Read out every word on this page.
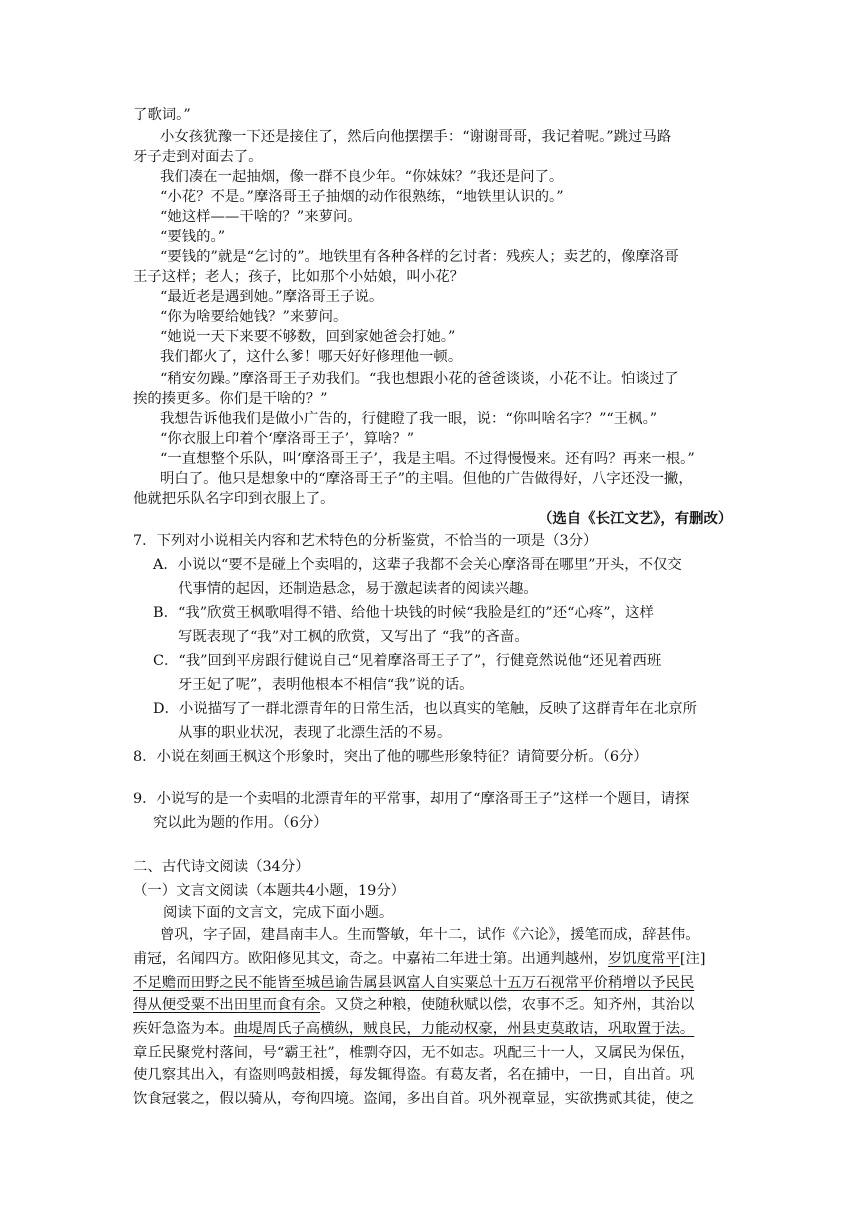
了歌词。”
小女孩犹豫一下还是接住了，然后向他摆摆手：“谢谢哥哥，我记着呢。”跳过马路
牙子走到对面去了。
我们凑在一起抽烟，像一群不良少年。“你妹妹？”我还是问了。
“小花？不是。”摩洛哥王子抽烟的动作很熟练，“地铁里认识的。”
“她这样——干啥的？”来萝问。
“要钱的。”
“要钱的”就是“乞讨的”。地铁里有各种各样的乞讨者：残疾人；卖艺的，像摩洛哥
王子这样；老人；孩子，比如那个小姑娘，叫小花？
“最近老是遇到她。”摩洛哥王子说。
“你为啥要给她钱？”来萝问。
“她说一天下来要不够数，回到家她爸会打她。”
我们都火了，这什么爹！哪天好好修理他一顿。
“稍安勿躁。”摩洛哥王子劝我们。“我也想跟小花的爸爸谈谈，小花不让。怕谈过了
挨的揍更多。你们是干啥的？”
我想告诉他我们是做小广告的，行健瞪了我一眼，说：“你叫啥名字？”“王枫。”
“你衣服上印着个‘摩洛哥王子’，算啥？”
“一直想整个乐队，叫‘摩洛哥王子’，我是主唱。不过得慢慢来。还有吗？再来一根。”
明白了。他只是想象中的“摩洛哥王子”的主唱。但他的广告做得好，八字还没一撇，
他就把乐队名字印到衣服上了。
（选自《长江文艺》，有删改）
7．下列对小说相关内容和艺术特色的分析鉴赏，不恰当的一项是（3分）
A．小说以“要不是碰上个卖唱的，这辈子我都不会关心摩洛哥在哪里”开头，不仅交
代事情的起因，还制造悬念，易于激起读者的阅读兴趣。
B．“我”欣赏王枫歌唱得不错、给他十块钱的时候“我脸是红的”还“心疼”，这样
写既表现了“我”对工枫的欣赏，又写出了 “我”的吝啬。
C．“我”回到平房跟行健说自己“见着摩洛哥王子了”，行健竟然说他“还见着西班
牙王妃了呢”，表明他根本不相信“我”说的话。
D．小说描写了一群北漂青年的日常生活，也以真实的笔触，反映了这群青年在北京所
从事的职业状况，表现了北漂生活的不易。
8．小说在刻画王枫这个形象时，突出了他的哪些形象特征？请简要分析。（6分）
9．小说写的是一个卖唱的北漂青年的平常事，却用了“摩洛哥王子”这样一个题目，请探
究以此为题的作用。（6分）
二、古代诗文阅读（34分）
（一）文言文阅读（本题共4小题，19分）
阅读下面的文言文，完成下面小题。
曾巩，字子固，建昌南丰人。生而警敏，年十二，试作《六论》，援笔而成，辞甚伟。
甫冠，名闻四方。欧阳修见其文，奇之。中嘉祐二年进士第。出通判越州，岁饥度常平[注]
不足赡而田野之民不能皆至城邑谕告属县讽富人自实粟总十五万石视常平价稍增以予民民
得从便受粟不出田里而食有余。又贷之种粮，使随秋赋以偿，农事不乏。知齐州，其治以
疾奸急盗为本。曲堤周氏子高横纵，贼良民，力能动权豪，州县吏莫敢诘，巩取置于法。
章丘民聚党村落间，号“霸王社”，椎剽夺囚，无不如志。巩配三十一人，又属民为保伍，
使几察其出入，有盗则鸣鼓相援，每发辄得盗。有葛友者，名在捕中，一日，自出首。巩
饮食冠裳之，假以骑从，夸徇四境。盗闻，多出自首。巩外视章显，实欲携贰其徒，使之
